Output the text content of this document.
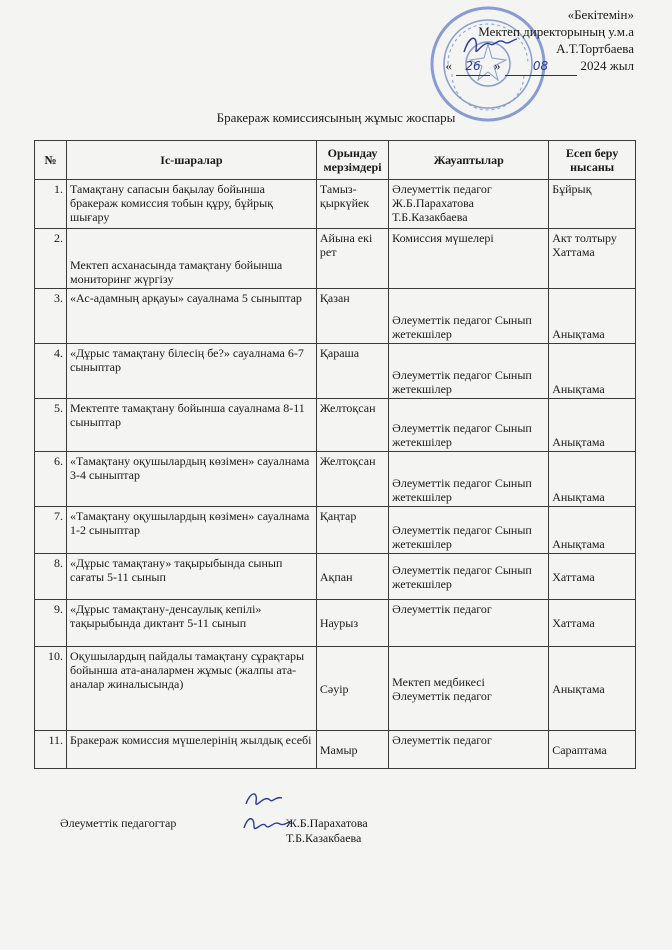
«Бекітемін»
Мектеп директорының у.м.а
А.Т.Тортбаева
«	26	»	08	2024 жыл
Бракераж комиссиясының жұмыс жоспары
№	Іс-шаралар	Орындау мерзімдері	Жауаптылар	Есеп беру нысаны
1.	Тамақтану сапасын бақылау бойынша бракераж комиссия тобын құру, бұйрық шығару	Тамыз-қыркүйек	Әлеуметтік педагог Ж.Б.Парахатова Т.Б.Казакбаева	Бұйрық
2.	Мектеп асханасында тамақтану бойынша мониторинг жүргізу	Айына екі рет	Комиссия мүшелері	Акт толтыру Хаттама
3.	«Ас-адамның арқауы» сауалнама 5 сыныптар	Қазан	Әлеуметтік педагог Сынып жетекшілер	Анықтама
4.	«Дұрыс тамақтану білесің бе?» сауалнама 6-7 сыныптар	Қараша	Әлеуметтік педагог Сынып жетекшілер	Анықтама
5.	Мектепте тамақтану бойынша сауалнама 8-11 сыныптар	Желтоқсан	Әлеуметтік педагог Сынып жетекшілер	Анықтама
6.	«Тамақтану оқушылардың көзімен» сауалнама 3-4 сыныптар	Желтоқсан	Әлеуметтік педагог Сынып жетекшілер	Анықтама
7.	«Тамақтану оқушылардың көзімен» сауалнама 1-2 сыныптар	Қаңтар	Әлеуметтік педагог Сынып жетекшілер	Анықтама
8.	«Дұрыс тамақтану» тақырыбында сынып сағаты 5-11 сынып	Ақпан	Әлеуметтік педагог Сынып жетекшілер	Хаттама
9.	«Дұрыс тамақтану-денсаулық кепілі» тақырыбында диктант 5-11 сынып	Наурыз	Әлеуметтік педагог	Хаттама
10.	Оқушылардың пайдалы тамақтану сұрақтары бойынша ата-аналармен жұмыс (жалпы ата-аналар жиналысында)	Сәуір	Мектеп медбикесі Әлеуметтік педагог	Анықтама
11.	Бракераж комиссия мүшелерінің жылдық есебі	Мамыр	Әлеуметтік педагог	Сараптама
Әлеуметтік педагогтар	Ж.Б.Парахатова
Т.Б.Казакбаева
